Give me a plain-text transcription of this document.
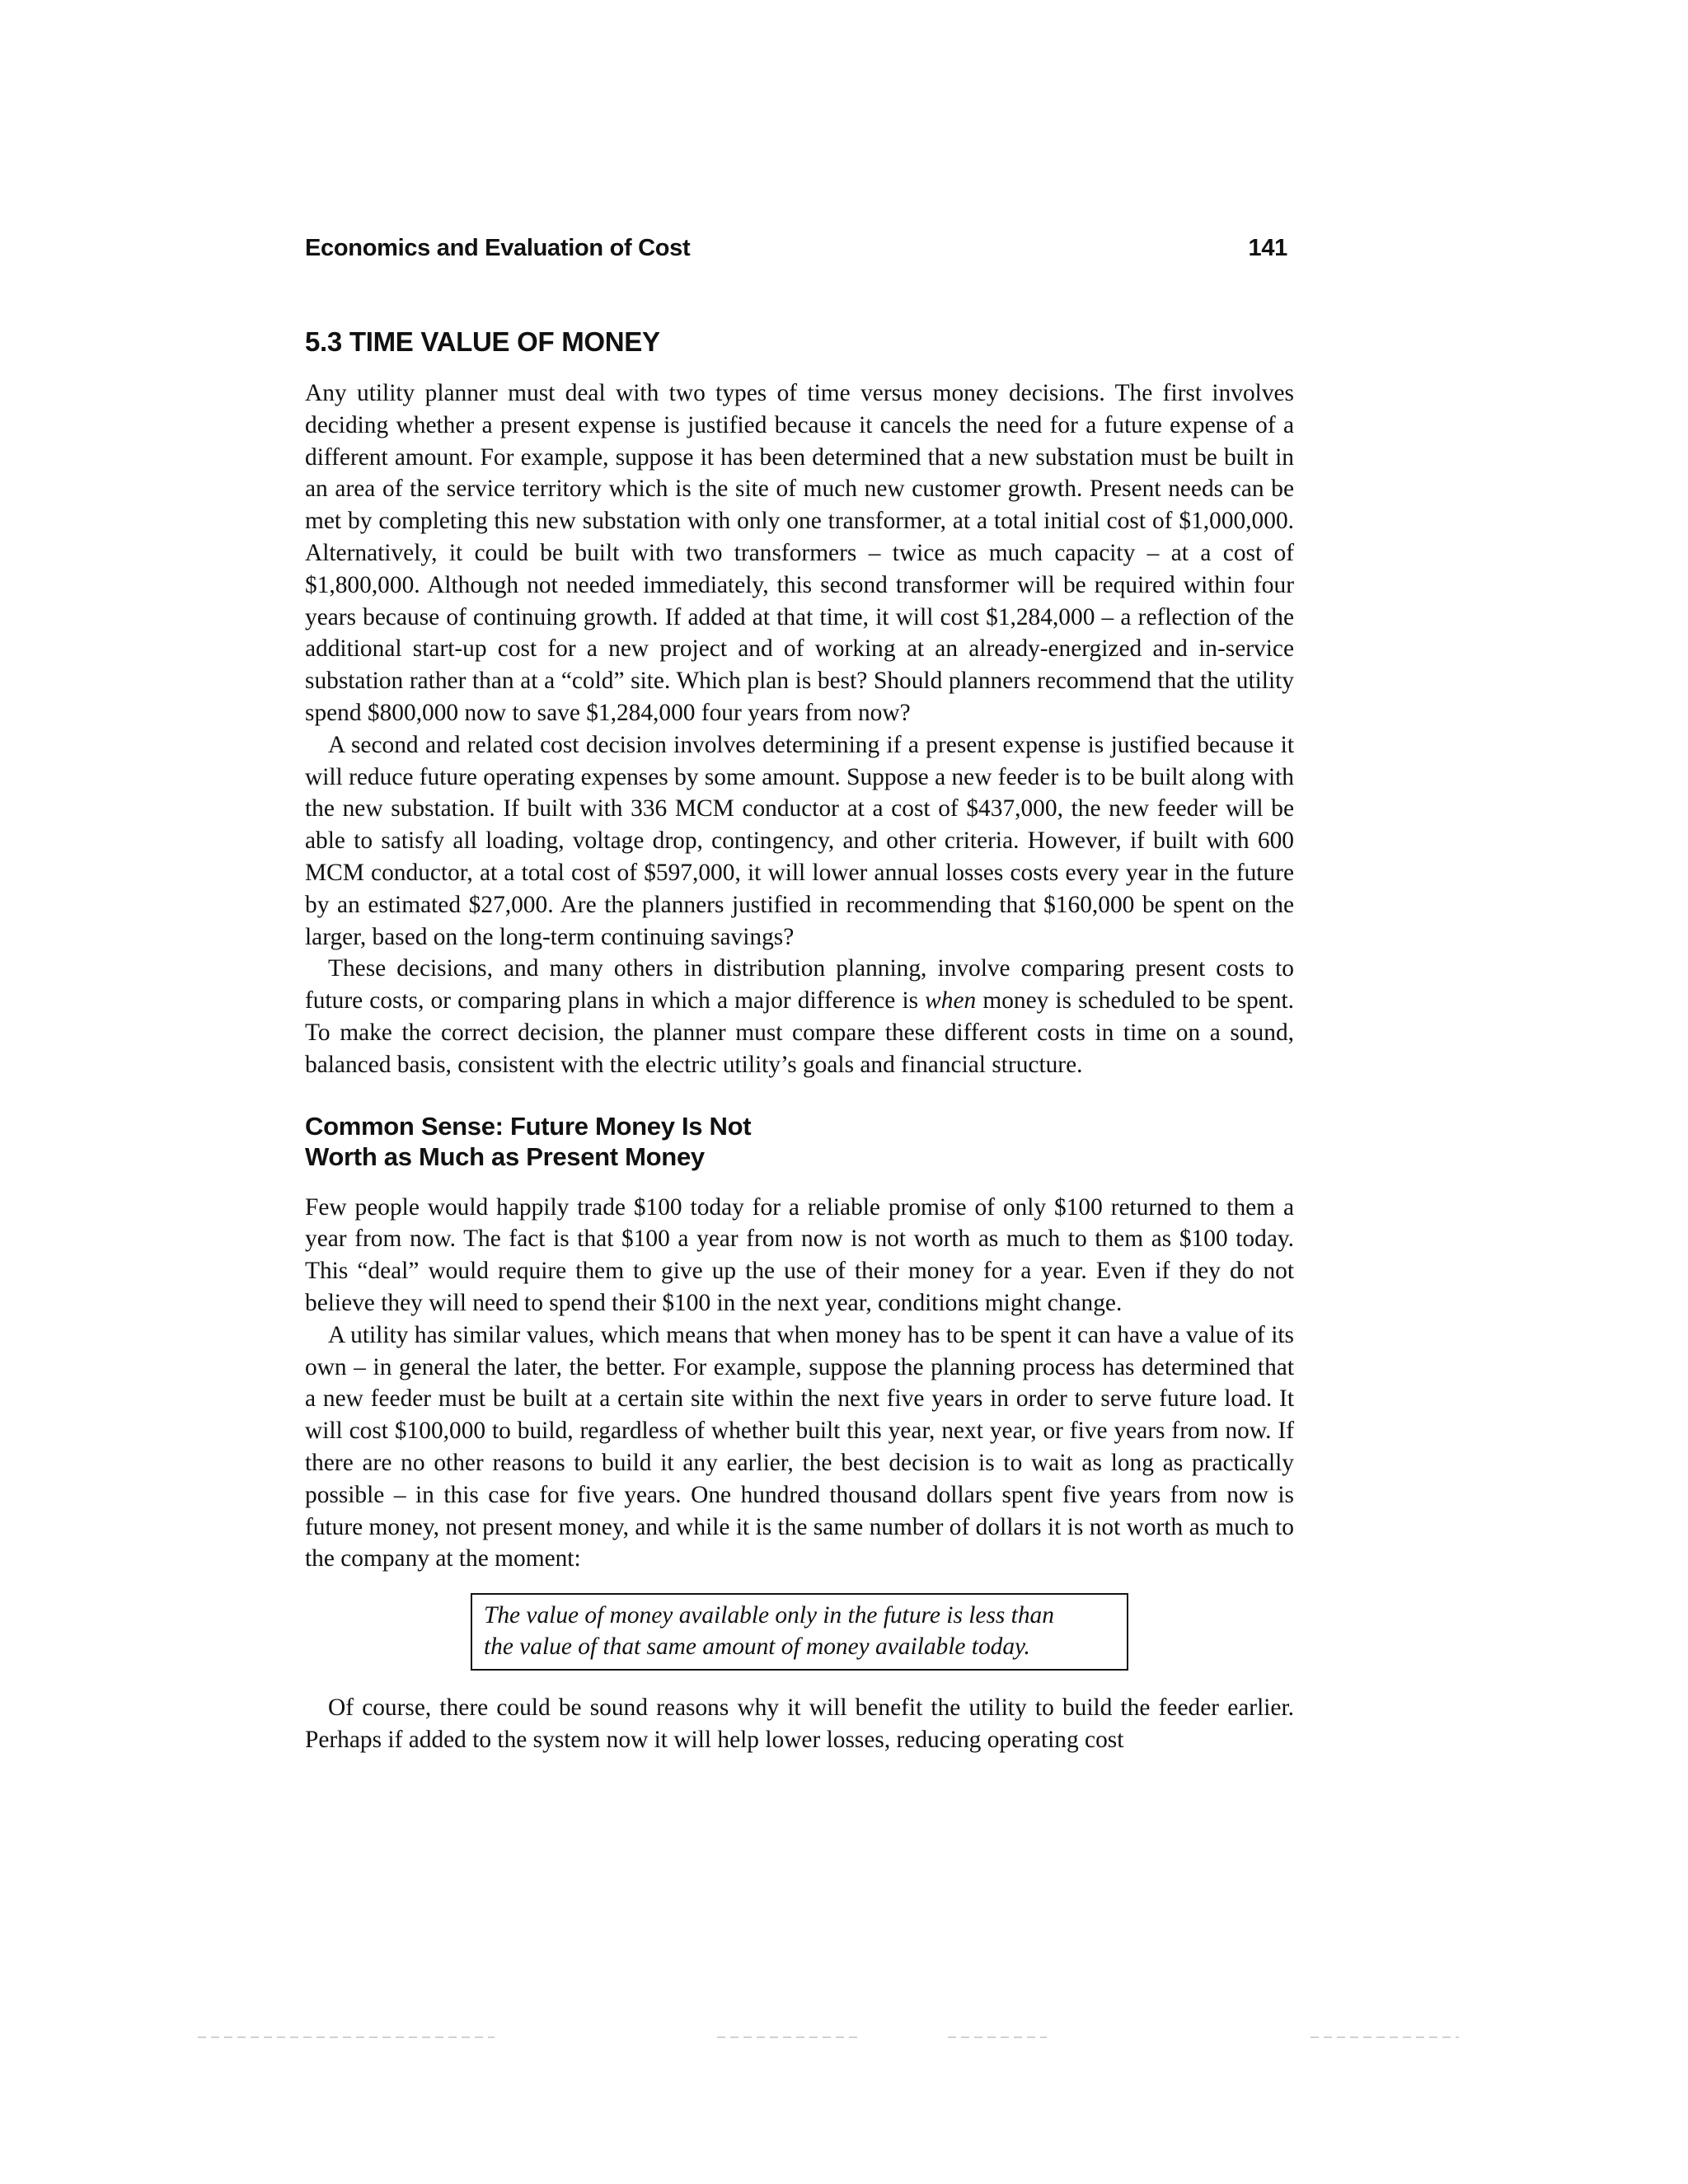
Economics and Evaluation of Cost	141
5.3 TIME VALUE OF MONEY

Any utility planner must deal with two types of time versus money decisions. The first involves deciding whether a present expense is justified because it cancels the need for a future expense of a different amount. For example, suppose it has been determined that a new substation must be built in an area of the service territory which is the site of much new customer growth. Present needs can be met by completing this new substation with only one transformer, at a total initial cost of $1,000,000. Alternatively, it could be built with two transformers – twice as much capacity – at a cost of $1,800,000. Although not needed immediately, this second transformer will be required within four years because of continuing growth. If added at that time, it will cost $1,284,000 – a reflection of the additional start-up cost for a new project and of working at an already-energized and in-service substation rather than at a “cold” site. Which plan is best? Should planners recommend that the utility spend $800,000 now to save $1,284,000 four years from now?

A second and related cost decision involves determining if a present expense is justified because it will reduce future operating expenses by some amount. Suppose a new feeder is to be built along with the new substation. If built with 336 MCM conductor at a cost of $437,000, the new feeder will be able to satisfy all loading, voltage drop, contingency, and other criteria. However, if built with 600 MCM conductor, at a total cost of $597,000, it will lower annual losses costs every year in the future by an estimated $27,000. Are the planners justified in recommending that $160,000 be spent on the larger, based on the long-term continuing savings?

These decisions, and many others in distribution planning, involve comparing present costs to future costs, or comparing plans in which a major difference is when money is scheduled to be spent. To make the correct decision, the planner must compare these different costs in time on a sound, balanced basis, consistent with the electric utility’s goals and financial structure.

Common Sense: Future Money Is Not
Worth as Much as Present Money

Few people would happily trade $100 today for a reliable promise of only $100 returned to them a year from now. The fact is that $100 a year from now is not worth as much to them as $100 today. This “deal” would require them to give up the use of their money for a year. Even if they do not believe they will need to spend their $100 in the next year, conditions might change.

A utility has similar values, which means that when money has to be spent it can have a value of its own – in general the later, the better. For example, suppose the planning process has determined that a new feeder must be built at a certain site within the next five years in order to serve future load. It will cost $100,000 to build, regardless of whether built this year, next year, or five years from now. If there are no other reasons to build it any earlier, the best decision is to wait as long as practically possible – in this case for five years. One hundred thousand dollars spent five years from now is future money, not present money, and while it is the same number of dollars it is not worth as much to the company at the moment:

The value of money available only in the future is less than
the value of that same amount of money available today.

Of course, there could be sound reasons why it will benefit the utility to build the feeder earlier. Perhaps if added to the system now it will help lower losses, reducing operating cost
